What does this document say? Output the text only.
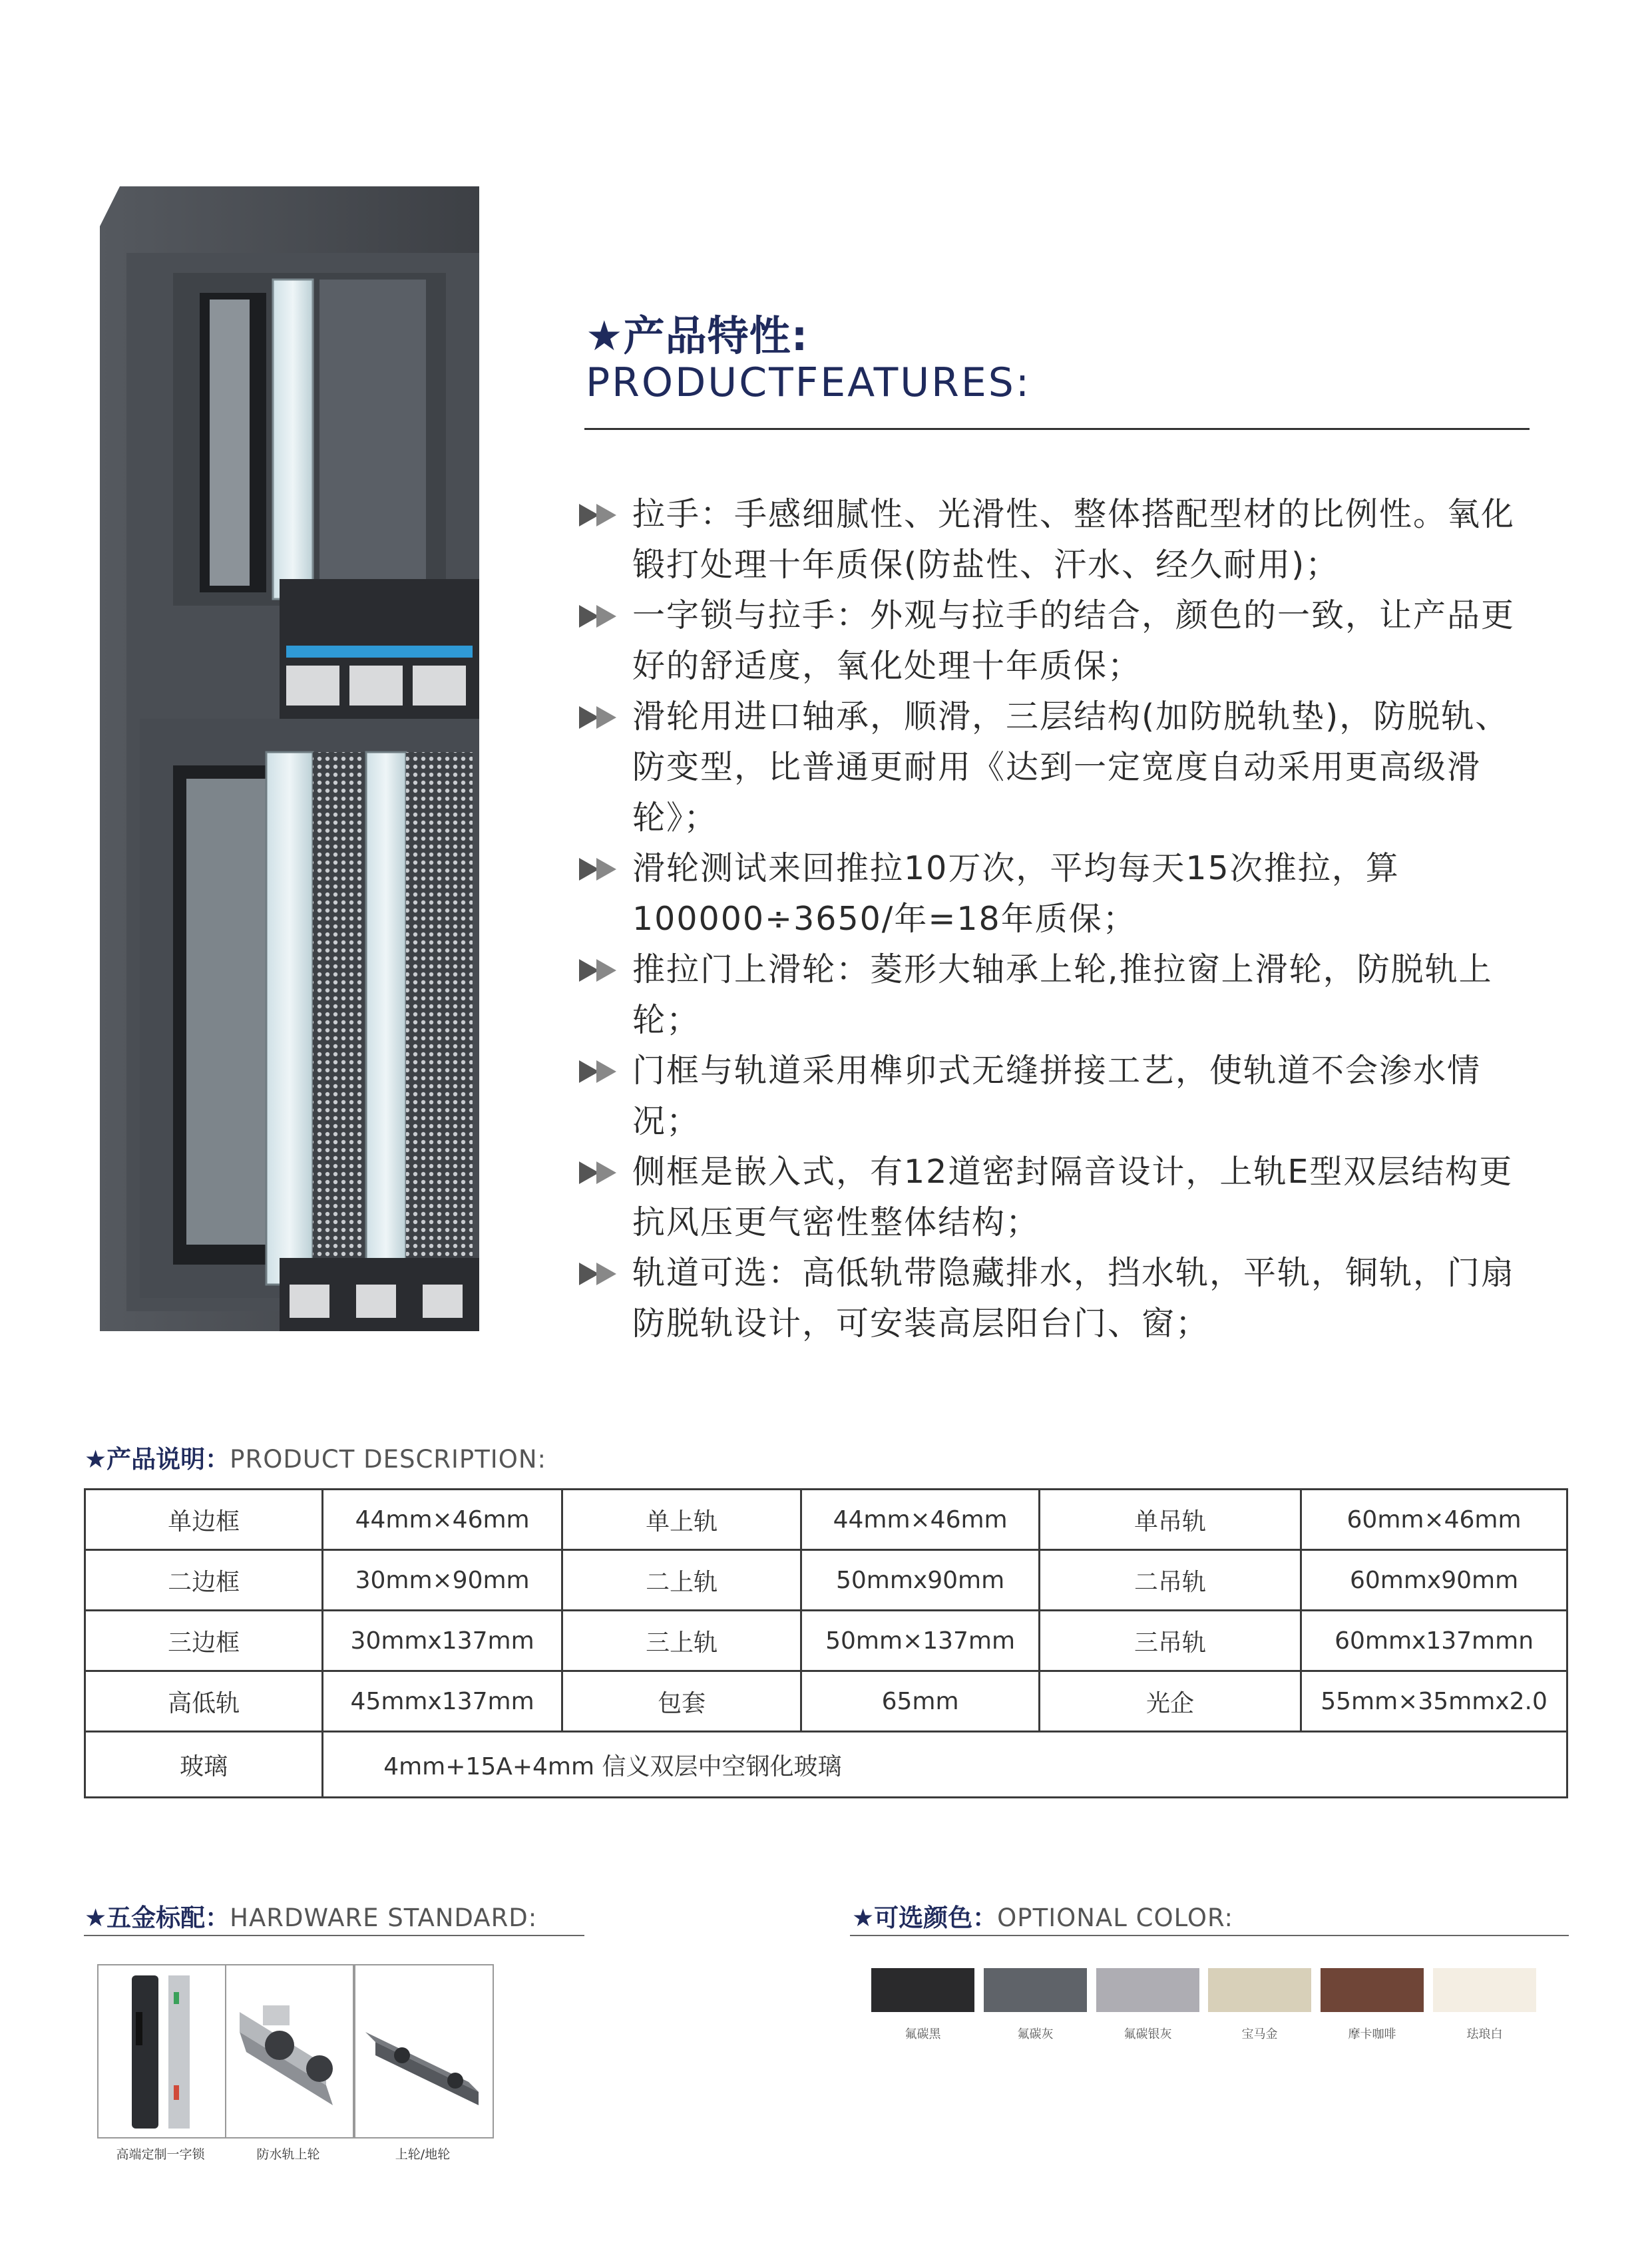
★产品特性:
PRODUCTFEATURES:
拉手：手感细腻性、光滑性、整体搭配型材的比例性。氧化锻打处理十年质保(防盐性、汗水、经久耐用)；
一字锁与拉手：外观与拉手的结合，颜色的一致，让产品更好的舒适度，氧化处理十年质保；
滑轮用进口轴承，顺滑，三层结构(加防脱轨垫)，防脱轨、防变型，比普通更耐用《达到一定宽度自动采用更高级滑轮》；
滑轮测试来回推拉10万次，平均每天15次推拉，算100000÷3650/年=18年质保；
推拉门上滑轮：菱形大轴承上轮,推拉窗上滑轮，防脱轨上轮；
门框与轨道采用榫卯式无缝拼接工艺，使轨道不会渗水情况；
侧框是嵌入式，有12道密封隔音设计，上轨E型双层结构更抗风压更气密性整体结构；
轨道可选：高低轨带隐藏排水，挡水轨，平轨，铜轨，门扇防脱轨设计，可安装高层阳台门、窗；
★产品说明：PRODUCT DESCRIPTION:
单边框	44mm×46mm	单上轨	44mm×46mm	单吊轨	60mm×46mm
二边框	30mm×90mm	二上轨	50mmx90mm	二吊轨	60mmx90mm
三边框	30mmx137mm	三上轨	50mm×137mm	三吊轨	60mmx137mmn
高低轨	45mmx137mm	包套	65mm	光企	55mm×35mmx2.0
玻璃	4mm+15A+4mm 信义双层中空钢化玻璃				
★五金标配：HARDWARE STANDARD:
高端定制一字锁	防水轨上轮	上轮/地轮
★可选颜色：OPTIONAL COLOR:
氟碳黑	氟碳灰	氟碳银灰	宝马金	摩卡咖啡	珐琅白
